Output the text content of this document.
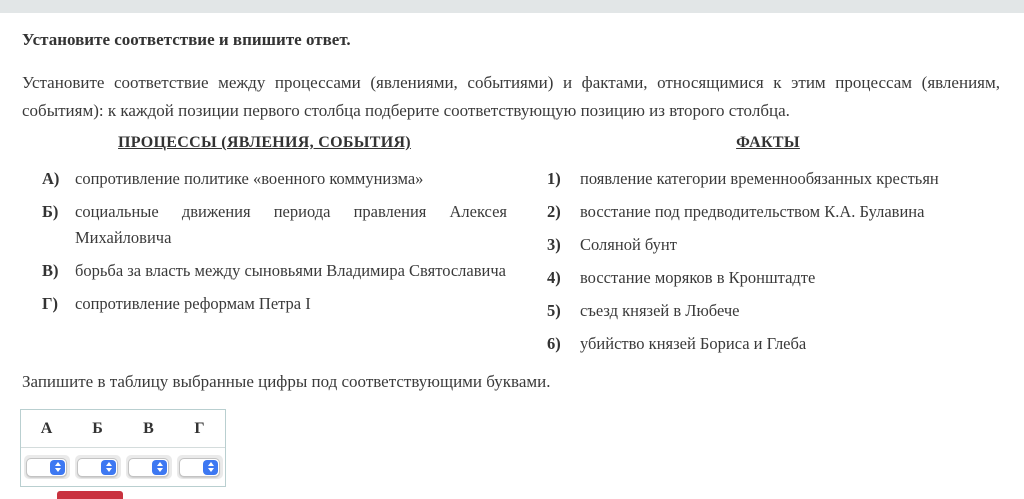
Установите соответствие и впишите ответ.

Установите соответствие между процессами (явлениями, событиями) и фактами, относящимися к этим процессам (явлениям, событиям): к каждой позиции первого столбца подберите соответствующую позицию из второго столбца.

ПРОЦЕССЫ (ЯВЛЕНИЯ, СОБЫТИЯ)
А) сопротивление политике «военного коммунизма»
Б)	социальные движения периода правления Алексея Михайловича
В)	борьба за власть между сыновьями Владимира Святославича
Г)	сопротивление реформам Петра I
ФАКТЫ
1)	появление категории временнообязанных крестьян
2)	восстание под предводительством К.А. Булавина
3)	Соляной бунт
4)	восстание моряков в Кронштадте
5)	съезд князей в Любече
6)	убийство князей Бориса и Глеба

Запишите в таблицу выбранные цифры под соответствующими буквами.

А	Б	В	Г
